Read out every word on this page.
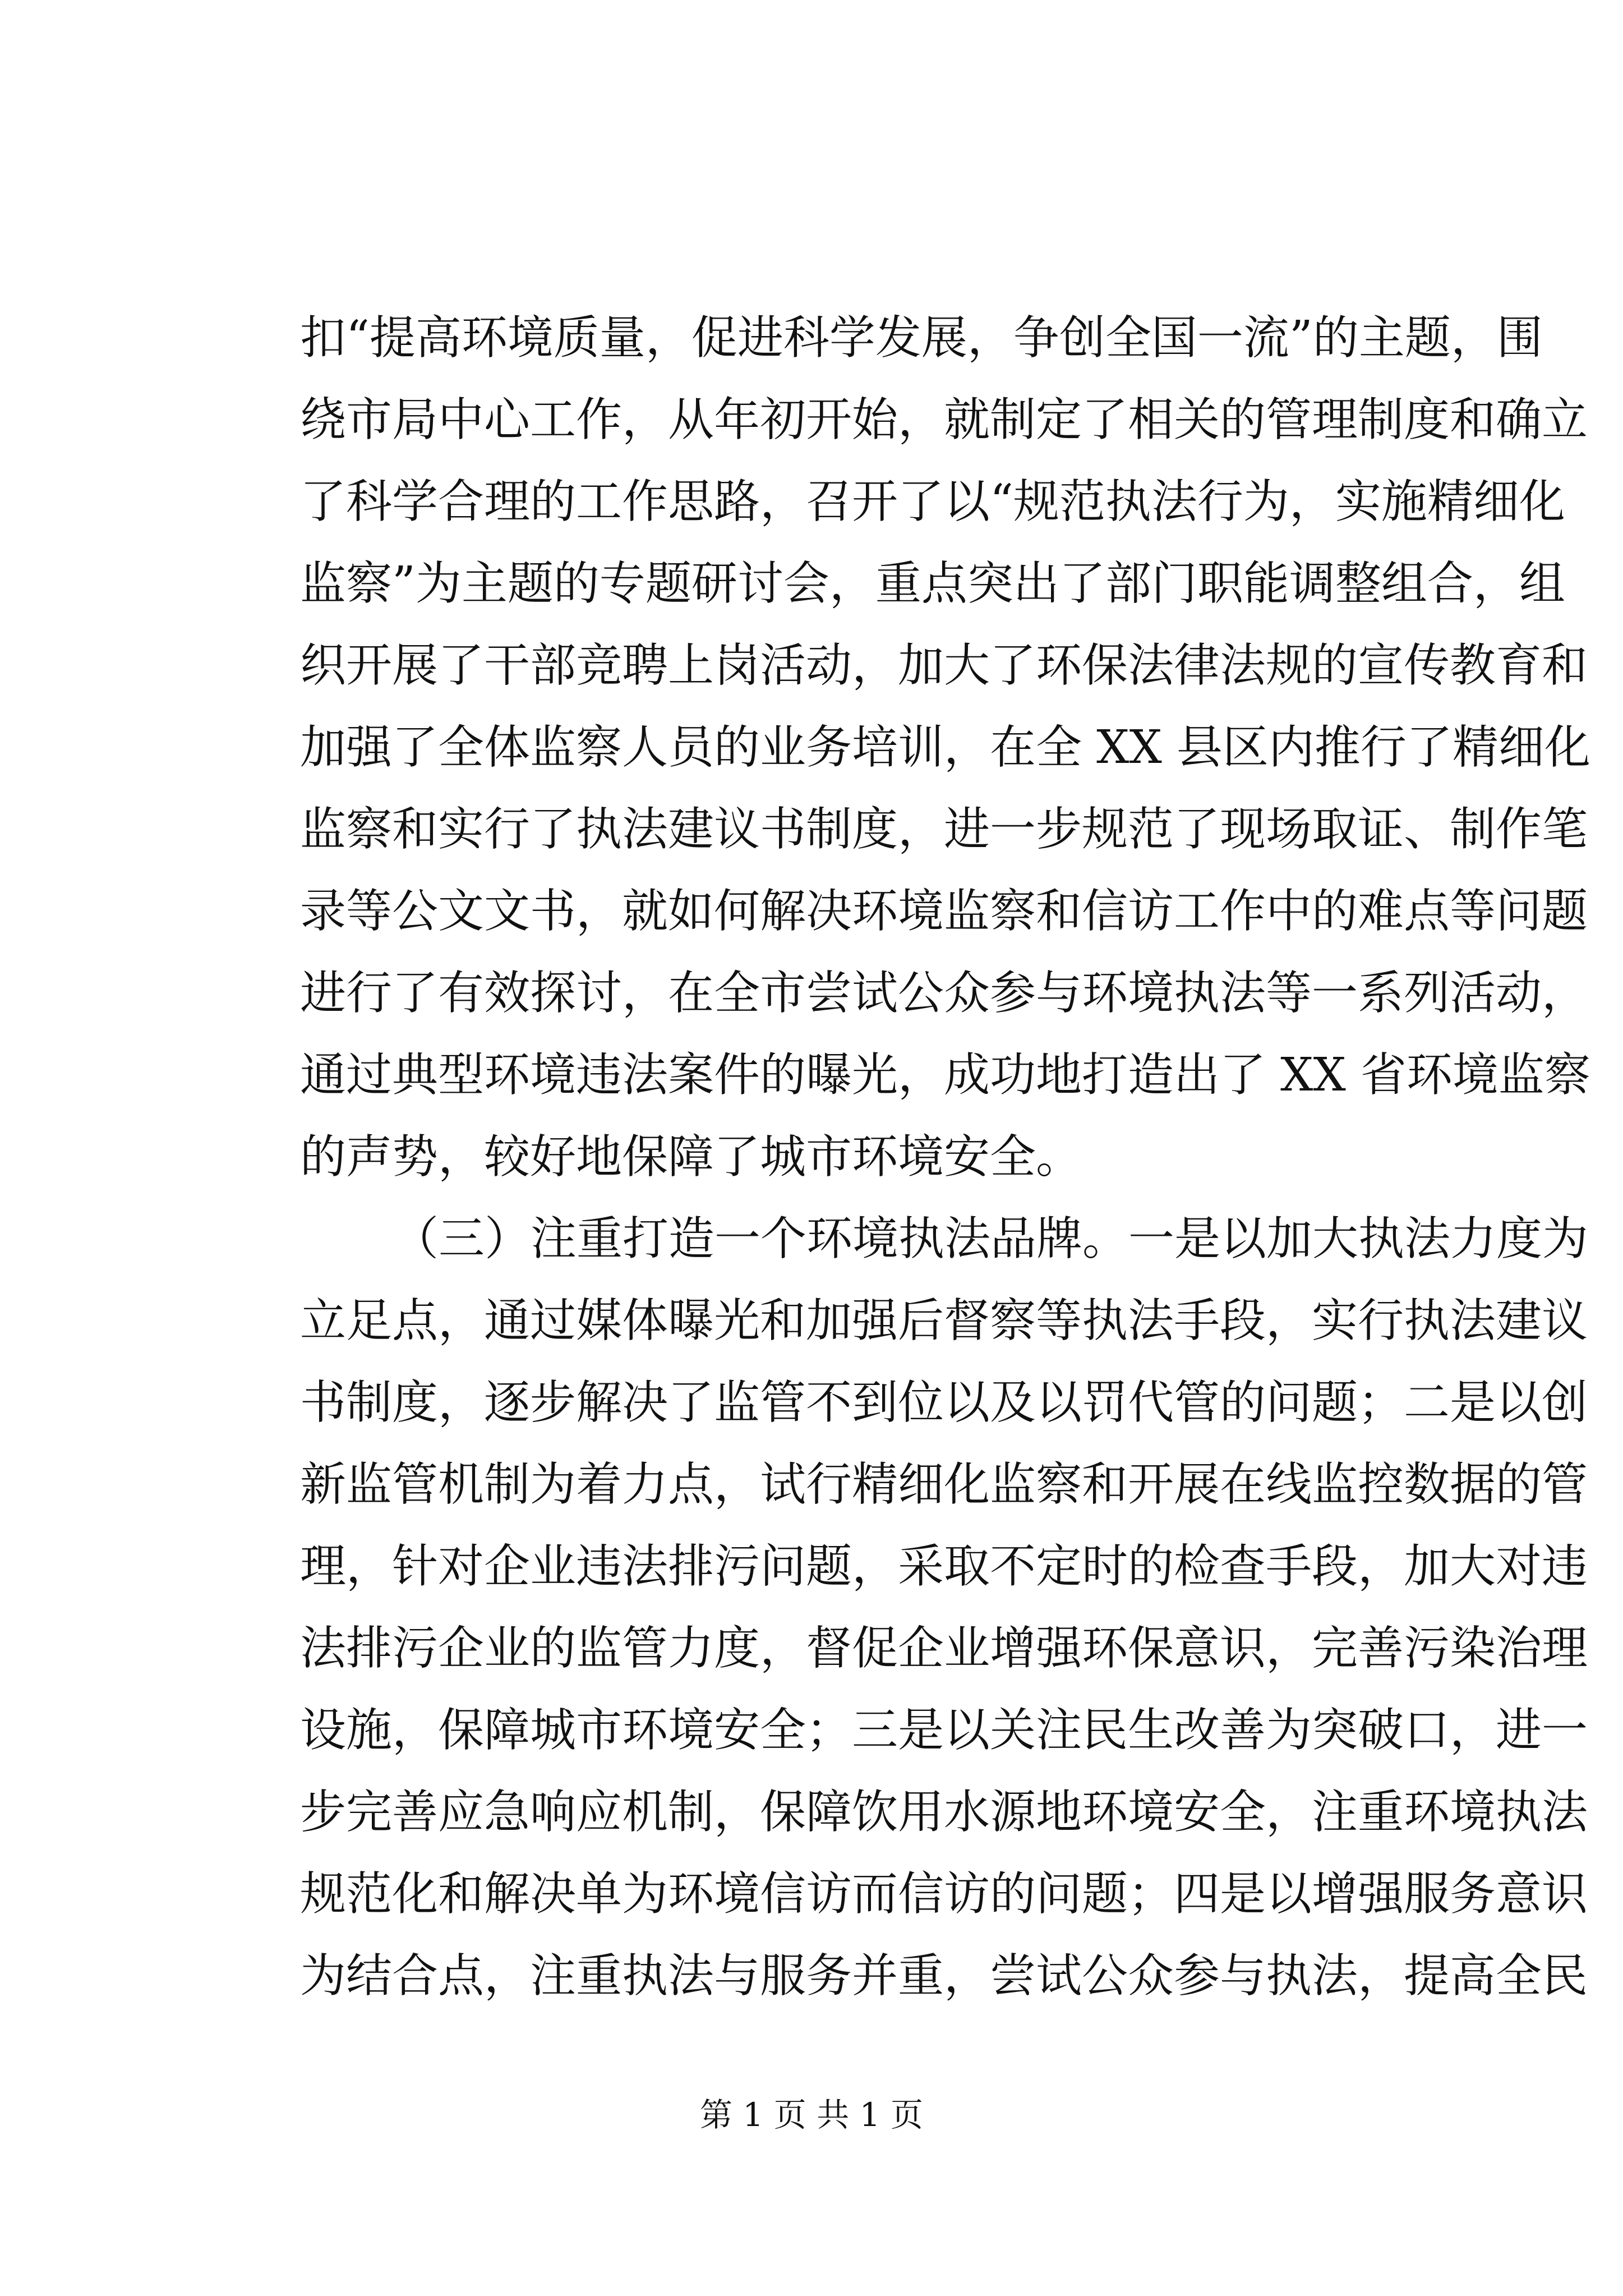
扣“提高环境质量，促进科学发展，争创全国一流”的主题，围
绕市局中心工作，从年初开始，就制定了相关的管理制度和确立
了科学合理的工作思路，召开了以“规范执法行为，实施精细化
监察”为主题的专题研讨会，重点突出了部门职能调整组合，组
织开展了干部竞聘上岗活动，加大了环保法律法规的宣传教育和
加强了全体监察人员的业务培训，在全 XX 县区内推行了精细化
监察和实行了执法建议书制度，进一步规范了现场取证、制作笔
录等公文文书，就如何解决环境监察和信访工作中的难点等问题
进行了有效探讨，在全市尝试公众参与环境执法等一系列活动，
通过典型环境违法案件的曝光，成功地打造出了 XX 省环境监察
的声势，较好地保障了城市环境安全。
（三）注重打造一个环境执法品牌。一是以加大执法力度为
立足点，通过媒体曝光和加强后督察等执法手段，实行执法建议
书制度，逐步解决了监管不到位以及以罚代管的问题；二是以创
新监管机制为着力点，试行精细化监察和开展在线监控数据的管
理，针对企业违法排污问题，采取不定时的检查手段，加大对违
法排污企业的监管力度，督促企业增强环保意识，完善污染治理
设施，保障城市环境安全；三是以关注民生改善为突破口，进一
步完善应急响应机制，保障饮用水源地环境安全，注重环境执法
规范化和解决单为环境信访而信访的问题；四是以增强服务意识
为结合点，注重执法与服务并重，尝试公众参与执法，提高全民
第 1 页 共 1 页
